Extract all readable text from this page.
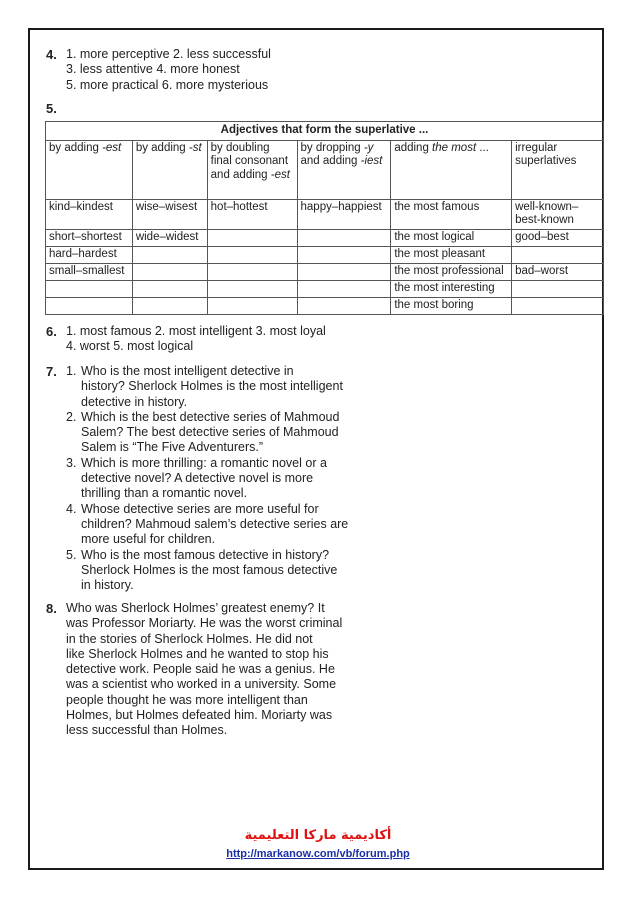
4. 1. more perceptive 2. less successful
3. less attentive 4. more honest
5. more practical 6. more mysterious
5.
Adjectives that form the superlative ...					
by adding -est	by adding -st	by doubling final consonant and adding -est	by dropping -y and adding -iest	adding the most ...	irregular superlatives
kind–kindest	wise–wisest	hot–hottest	happy–happiest	the most famous	well-known–best-known
short–shortest	wide–widest			the most logical	good–best
hard–hardest				the most pleasant	
small–smallest				the most professional	bad–worst
				the most interesting	
				the most boring	
6. 1. most famous 2. most intelligent 3. most loyal
4. worst 5. most logical
7. 1. Who is the most intelligent detective in
history? Sherlock Holmes is the most intelligent
detective in history.
2. Which is the best detective series of Mahmoud
Salem? The best detective series of Mahmoud
Salem is “The Five Adventurers.”
3. Which is more thrilling: a romantic novel or a
detective novel? A detective novel is more
thrilling than a romantic novel.
4. Whose detective series are more useful for
children? Mahmoud salem’s detective series are
more useful for children.
5. Who is the most famous detective in history?
Sherlock Holmes is the most famous detective
in history.
8. Who was Sherlock Holmes’ greatest enemy? It
was Professor Moriarty. He was the worst criminal
in the stories of Sherlock Holmes. He did not
like Sherlock Holmes and he wanted to stop his
detective work. People said he was a genius. He
was a scientist who worked in a university. Some
people thought he was more intelligent than
Holmes, but Holmes defeated him. Moriarty was
less successful than Holmes.
أكاديمية ماركا التعليمية
http://markanow.com/vb/forum.php
